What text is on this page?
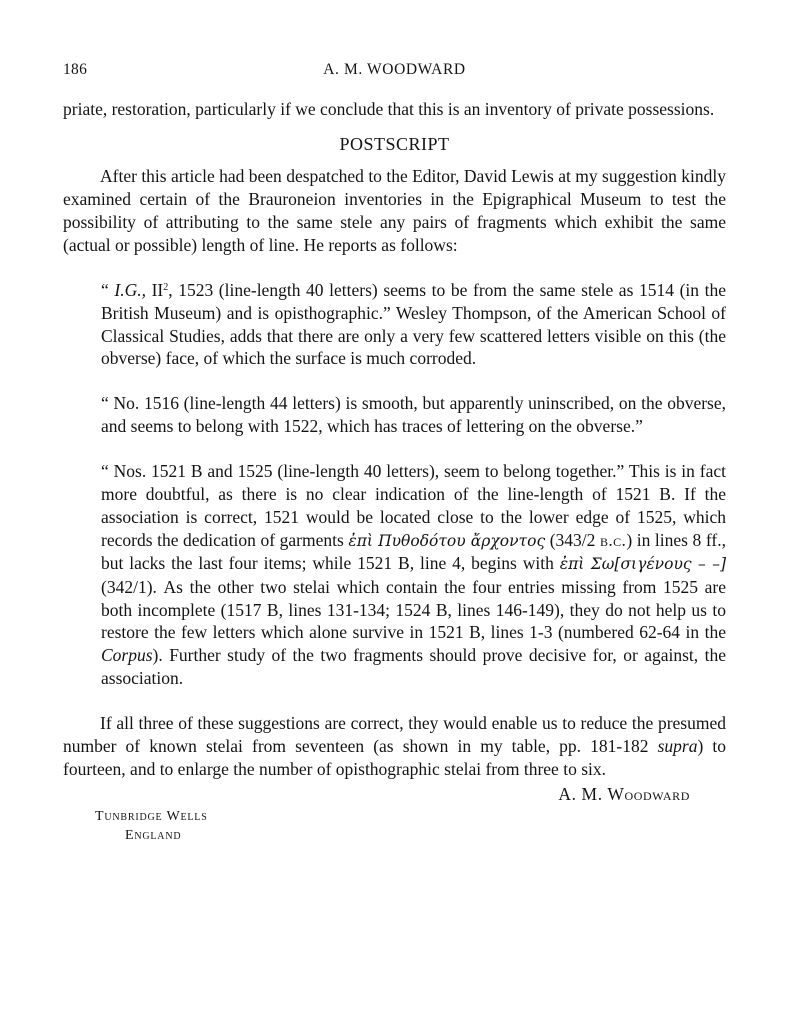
186	A. M. WOODWARD

priate, restoration, particularly if we conclude that this is an inventory of private possessions.

POSTSCRIPT

After this article had been despatched to the Editor, David Lewis at my suggestion kindly examined certain of the Brauroneion inventories in the Epigraphical Museum to test the possibility of attributing to the same stele any pairs of fragments which exhibit the same (actual or possible) length of line. He reports as follows:

“ I.G., $II^2$, 1523 (line-length 40 letters) seems to be from the same stele as 1514 (in the British Museum) and is opisthographic.” Wesley Thompson, of the American School of Classical Studies, adds that there are only a very few scattered letters visible on this (the obverse) face, of which the surface is much corroded.

“ No. 1516 (line-length 44 letters) is smooth, but apparently uninscribed, on the obverse, and seems to belong with 1522, which has traces of lettering on the obverse.”

“ Nos. 1521 B and 1525 (line-length 40 letters), seem to belong together.” This is in fact more doubtful, as there is no clear indication of the line-length of 1521 B. If the association is correct, 1521 would be located close to the lower edge of 1525, which records the dedication of garments ἐπὶ Πυθοδότου ἄρχοντος (343/2 b.c.) in lines 8 ff., but lacks the last four items; while 1521 B, line 4, begins with ἐπὶ Σω[σιγένους – –] (342/1). As the other two stelai which contain the four entries missing from 1525 are both incomplete (1517 B, lines 131-134; 1524 B, lines 146-149), they do not help us to restore the few letters which alone survive in 1521 B, lines 1-3 (numbered 62-64 in the Corpus). Further study of the two fragments should prove decisive for, or against, the association.

If all three of these suggestions are correct, they would enable us to reduce the presumed number of known stelai from seventeen (as shown in my table, pp. 181-182 supra) to fourteen, and to enlarge the number of opisthographic stelai from three to six.

A. M. Woodward
Tunbridge Wells
England
